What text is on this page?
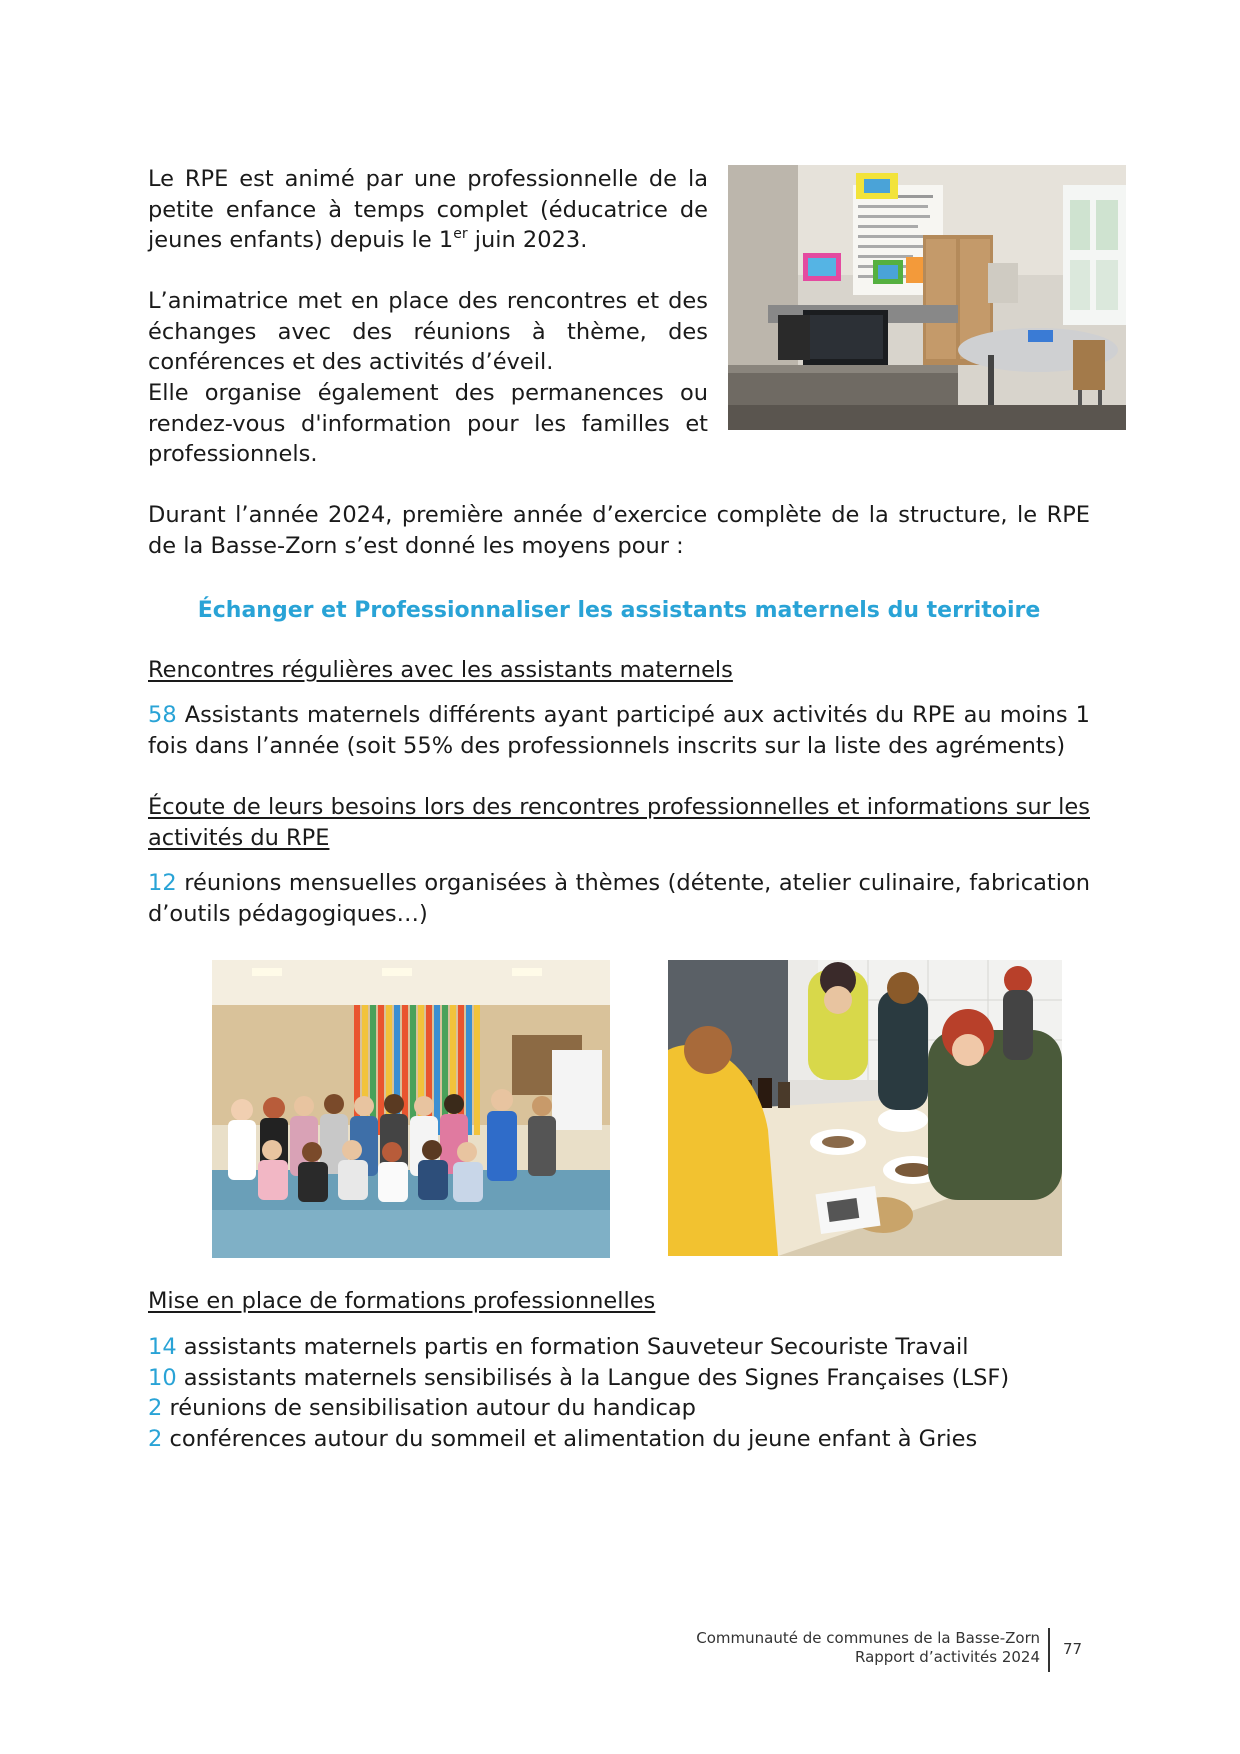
Le RPE est animé par une professionnelle de la petite enfance à temps complet (éducatrice de jeunes enfants) depuis le 1er juin 2023.
L’animatrice met en place des rencontres et des échanges avec des réunions à thème, des conférences et des activités d’éveil.
Elle organise également des permanences ou rendez-vous d'information pour les familles et professionnels.
Durant l’année 2024, première année d’exercice complète de la structure, le RPE de la Basse-Zorn s’est donné les moyens pour :
Échanger et Professionnaliser les assistants maternels du territoire
Rencontres régulières avec les assistants maternels
58 Assistants maternels différents ayant participé aux activités du RPE au moins 1 fois dans l’année (soit 55% des professionnels inscrits sur la liste des agréments)
Écoute de leurs besoins lors des rencontres professionnelles et informations sur les activités du RPE
12 réunions mensuelles organisées à thèmes (détente, atelier culinaire, fabrication d’outils pédagogiques…)
Mise en place de formations professionnelles
14 assistants maternels partis en formation Sauveteur Secouriste Travail
10 assistants maternels sensibilisés à la Langue des Signes Françaises (LSF)
2 réunions de sensibilisation autour du handicap
2 conférences autour du sommeil et alimentation du jeune enfant à Gries
Communauté de communes de la Basse-Zorn
Rapport d’activités 2024 77
